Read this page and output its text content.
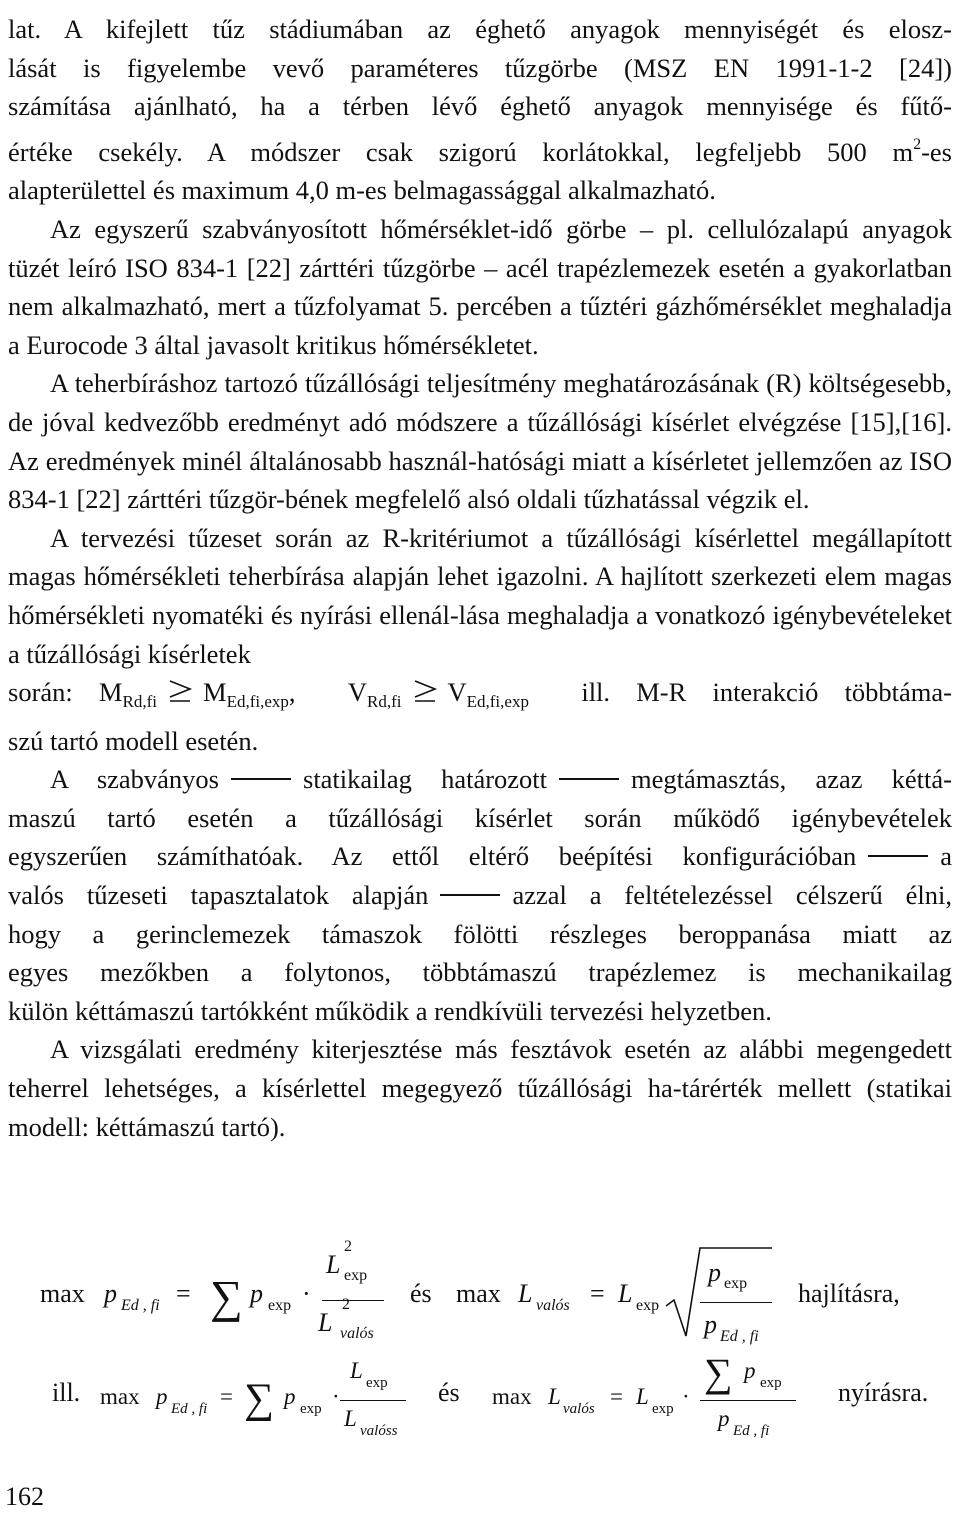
lat. A kifejlett tűz stádiumában az éghető anyagok mennyiségét és elosz-
lását is figyelembe vevő paraméteres tűzgörbe (MSZ EN 1991-1-2 [24])
számítása ajánlható, ha a térben lévő éghető anyagok mennyisége és fűtő-
értéke csekély. A módszer csak szigorú korlátokkal, legfeljebb 500 $m^2-es$
alapterülettel és maximum 4,0 m-es belmagassággal alkalmazható.

Az egyszerű szabványosított hőmérséklet-idő görbe – pl. cellulózalapú anyagok tüzét leíró ISO 834-1 [22] zárttéri tűzgörbe – acél trapézlemezek esetén a gyakorlatban nem alkalmazható, mert a tűzfolyamat 5. percében a tűztéri gázhőmérséklet meghaladja a Eurocode 3 által javasolt kritikus hőmérsékletet.

A teherbíráshoz tartozó tűzállósági teljesítmény meghatározásának (R) költségesebb, de jóval kedvezőbb eredményt adó módszere a tűzállósági kísérlet elvégzése [15],[16]. Az eredmények minél általánosabb használ-hatósági miatt a kísérletet jellemzően az ISO 834-1 [22] zárttéri tűzgör-bének megfelelő alsó oldali tűzhatással végzik el.

A tervezési tűzeset során az R-kritériumot a tűzállósági kísérlettel megállapított magas hőmérsékleti teherbírása alapján lehet igazolni. A hajlított szerkezeti elem magas hőmérsékleti nyomatéki és nyírási ellenál-lása meghaladja a vonatkozó igénybevételeket a tűzállósági kísérletek

során: $M_{Rd,fi}$ $M_{Ed,fi,exp}$, $V_{Rd,fi}$ $V_{Ed,fi,exp}$ ill. M-R interakció többtáma-
szú tartó modell esetén.
A szabványos	statikailag határozott	megtámasztás, azaz kéttá-
maszú tartó esetén a tűzállósági kísérlet során működő igénybevételek
egyszerűen számíthatóak. Az ettől eltérő beépítési konfigurációban	a
valós tűzeseti tapasztalatok alapján	azzal a feltételezéssel célszerű élni,
hogy a gerinclemezek támaszok fölötti részleges beroppanása miatt az
egyes mezőkben a folytonos, többtámaszú trapézlemez is mechanikailag
külön kéttámaszú tartókként működik a rendkívüli tervezési helyzetben.

A vizsgálati eredmény kiterjesztése más fesztávok esetén az alábbi megengedett teherrel lehetséges, a kísérlettel megegyező tűzállósági ha-tárérték mellett (statikai modell: kéttámaszú tartó).

max p Ed , fi = ∑ p exp ·
L exp
2
L
2
valós
és max L valós = L exp
p exp
p Ed , fi
hajlításra,
ill. max p Ed , fi = ∑ p exp ·
L exp
L valóss
és max L valós = L exp ·
∑ p exp
p Ed , fi
nyírásra.
162
